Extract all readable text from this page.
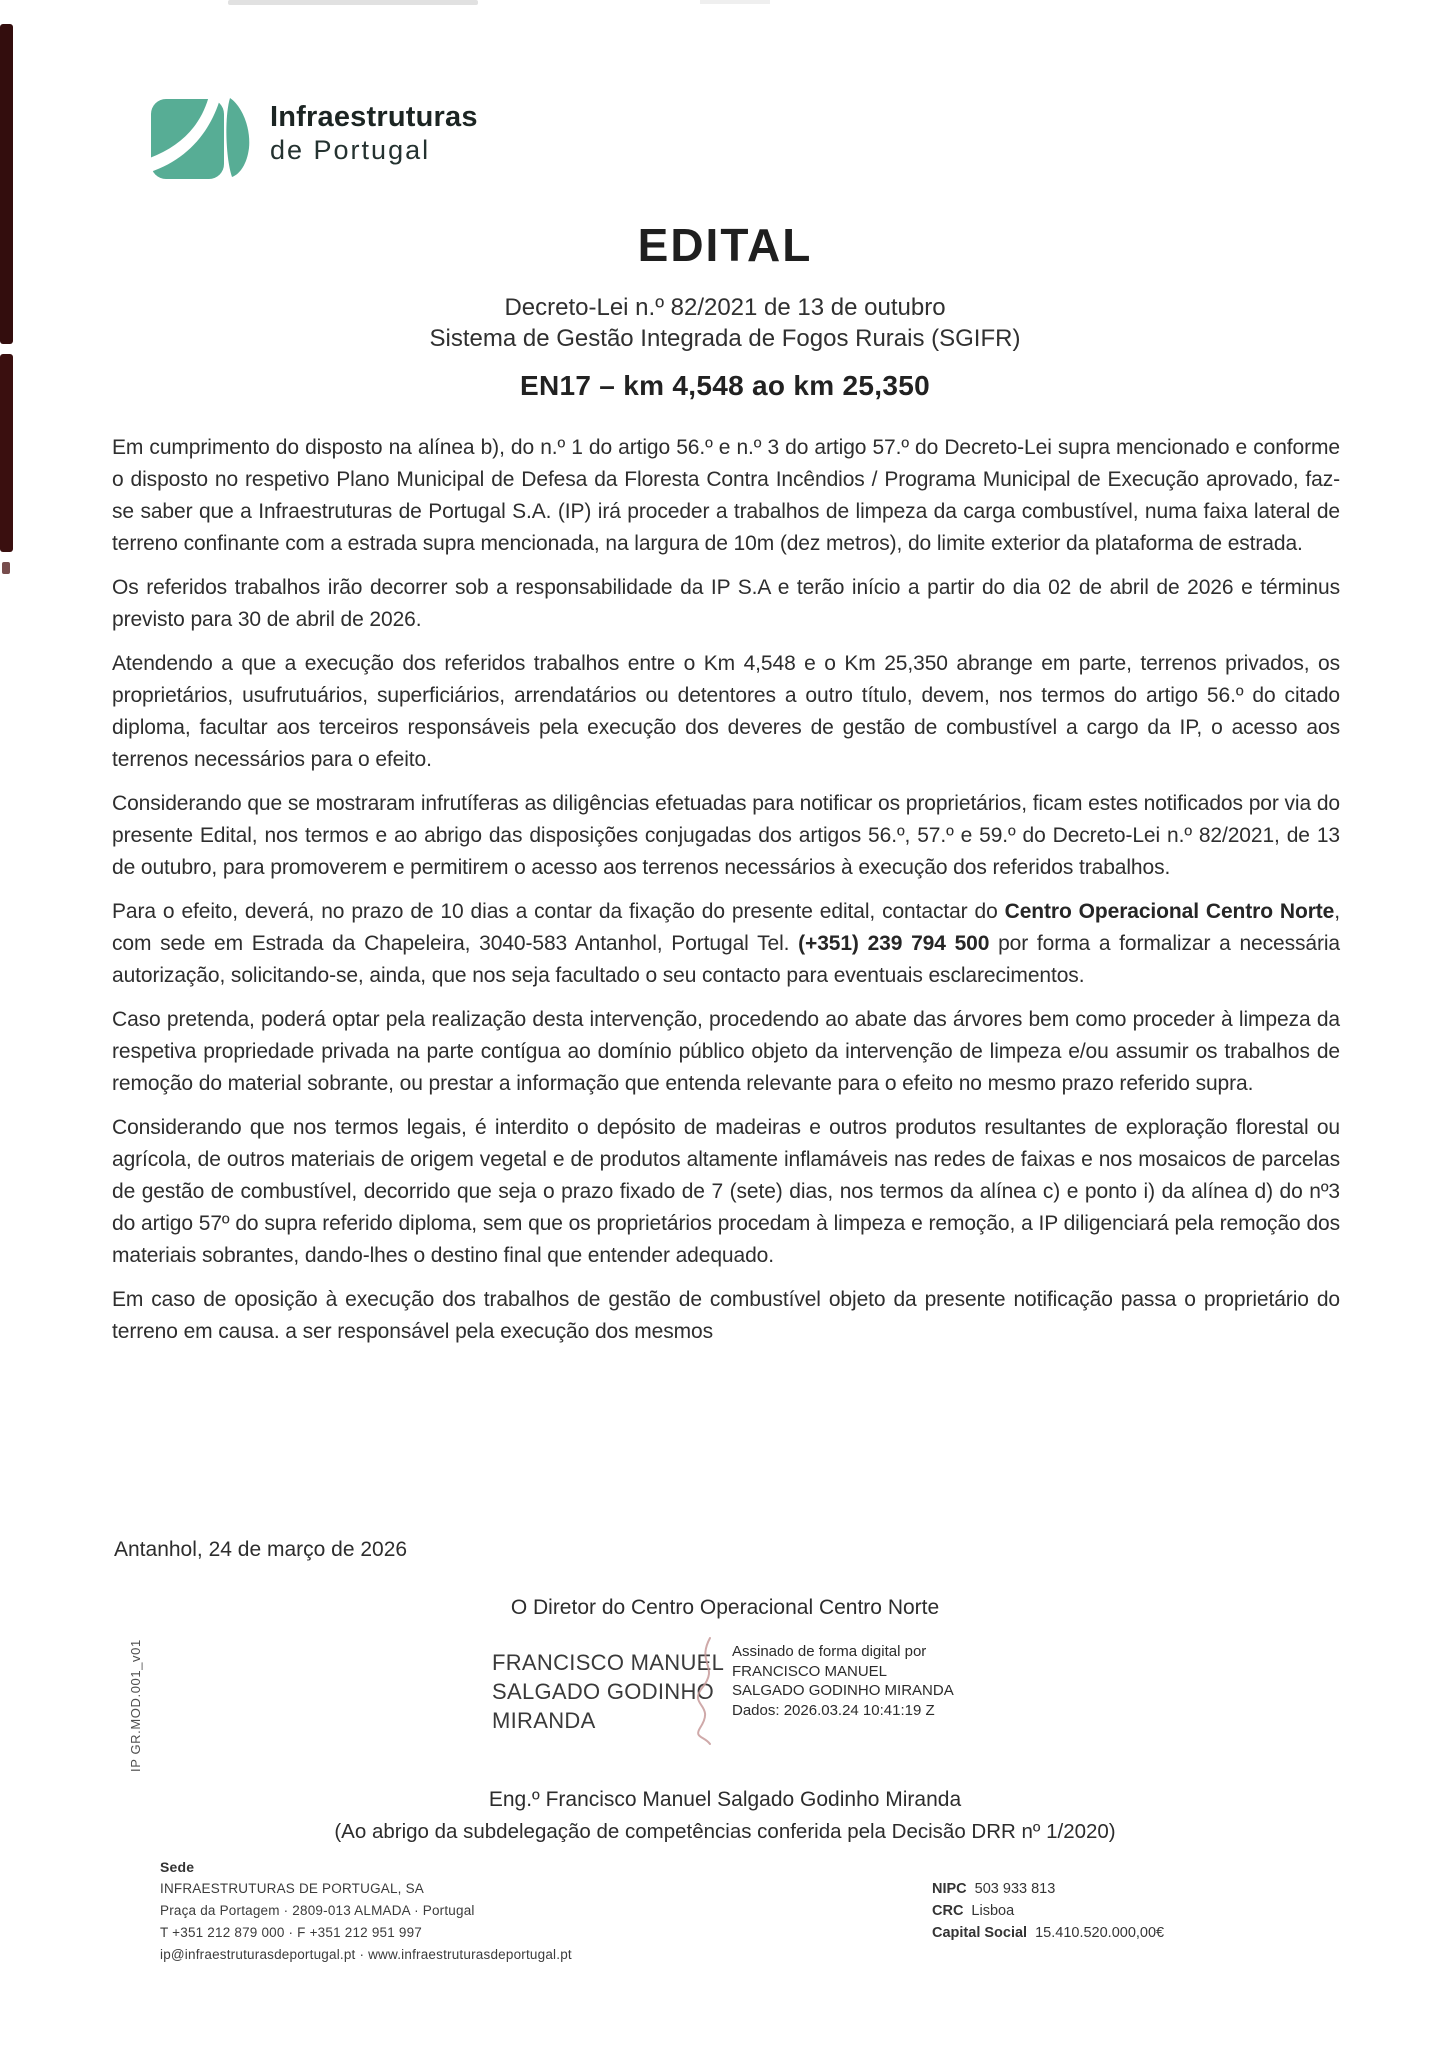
Infraestruturas
de Portugal
EDITAL
Decreto-Lei n.º 82/2021 de 13 de outubro
Sistema de Gestão Integrada de Fogos Rurais (SGIFR)
EN17 – km 4,548 ao km 25,350

Em cumprimento do disposto na alínea b), do n.º 1 do artigo 56.º e n.º 3 do artigo 57.º do Decreto-Lei supra mencionado e conforme o disposto no respetivo Plano Municipal de Defesa da Floresta Contra Incêndios / Programa Municipal de Execução aprovado, faz-se saber que a Infraestruturas de Portugal S.A. (IP) irá proceder a trabalhos de limpeza da carga combustível, numa faixa lateral de terreno confinante com a estrada supra mencionada, na largura de 10m (dez metros), do limite exterior da plataforma de estrada.

Os referidos trabalhos irão decorrer sob a responsabilidade da IP S.A e terão início a partir do dia 02 de abril de 2026 e términus previsto para 30 de abril de 2026.

Atendendo a que a execução dos referidos trabalhos entre o Km 4,548 e o Km 25,350 abrange em parte, terrenos privados, os proprietários, usufrutuários, superficiários, arrendatários ou detentores a outro título, devem, nos termos do artigo 56.º do citado diploma, facultar aos terceiros responsáveis pela execução dos deveres de gestão de combustível a cargo da IP, o acesso aos terrenos necessários para o efeito.

Considerando que se mostraram infrutíferas as diligências efetuadas para notificar os proprietários, ficam estes notificados por via do presente Edital, nos termos e ao abrigo das disposições conjugadas dos artigos 56.º, 57.º e 59.º do Decreto-Lei n.º 82/2021, de 13 de outubro, para promoverem e permitirem o acesso aos terrenos necessários à execução dos referidos trabalhos.

Para o efeito, deverá, no prazo de 10 dias a contar da fixação do presente edital, contactar do Centro Operacional Centro Norte, com sede em Estrada da Chapeleira, 3040-583 Antanhol, Portugal Tel. (+351) 239 794 500 por forma a formalizar a necessária autorização, solicitando-se, ainda, que nos seja facultado o seu contacto para eventuais esclarecimentos.

Caso pretenda, poderá optar pela realização desta intervenção, procedendo ao abate das árvores bem como proceder à limpeza da respetiva propriedade privada na parte contígua ao domínio público objeto da intervenção de limpeza e/ou assumir os trabalhos de remoção do material sobrante, ou prestar a informação que entenda relevante para o efeito no mesmo prazo referido supra.

Considerando que nos termos legais, é interdito o depósito de madeiras e outros produtos resultantes de exploração florestal ou agrícola, de outros materiais de origem vegetal e de produtos altamente inflamáveis nas redes de faixas e nos mosaicos de parcelas de gestão de combustível, decorrido que seja o prazo fixado de 7 (sete) dias, nos termos da alínea c) e ponto i) da alínea d) do nº3 do artigo 57º do supra referido diploma, sem que os proprietários procedam à limpeza e remoção, a IP diligenciará pela remoção dos materiais sobrantes, dando-lhes o destino final que entender adequado.

Em caso de oposição à execução dos trabalhos de gestão de combustível objeto da presente notificação passa o proprietário do terreno em causa. a ser responsável pela execução dos mesmos

Antanhol, 24 de março de 2026
O Diretor do Centro Operacional Centro Norte
IP GR.MOD.001_v01	FRANCISCO MANUEL
SALGADO GODINHO
MIRANDA
Assinado de forma digital por
FRANCISCO MANUEL
SALGADO GODINHO MIRANDA
Dados: 2026.03.24 10:41:19 Z
Eng.º Francisco Manuel Salgado Godinho Miranda
(Ao abrigo da subdelegação de competências conferida pela Decisão DRR nº 1/2020)
Sede
INFRAESTRUTURAS DE PORTUGAL, SA
Praça da Portagem · 2809-013 ALMADA · Portugal
T +351 212 879 000 · F +351 212 951 997
ip@infraestruturasdeportugal.pt · www.infraestruturasdeportugal.pt
NIPC 503 933 813
CRC Lisboa
Capital Social 15.410.520.000,00€
